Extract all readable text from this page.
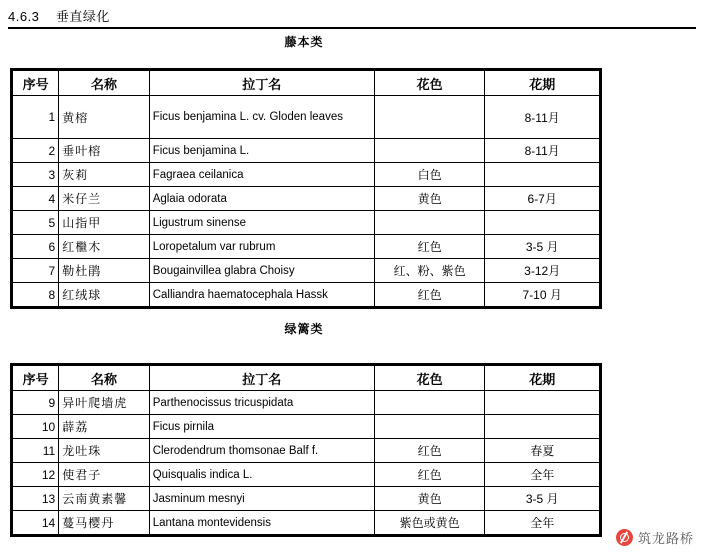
4.6.3 垂直绿化
藤本类
序号	名称	拉丁名	花色	花期
1	黄榕	Ficus benjamina L. cv. Gloden leaves		8-11月
2	垂叶榕	Ficus benjamina L.		8-11月
3	灰莉	Fagraea ceilanica	白色	
4	米仔兰	Aglaia odorata	黄色	6-7月
5	山指甲	Ligustrum sinense		
6	红檵木	Loropetalum var rubrum	红色	3-5 月
7	勒杜鹃	Bougainvillea glabra Choisy	红、粉、紫色	3-12月
8	红绒球	Calliandra haematocephala Hassk	红色	7-10 月
绿篱类
序号	名称	拉丁名	花色	花期
9	异叶爬墙虎	Parthenocissus tricuspidata		
10	薜荔	Ficus pirnila		
11	龙吐珠	Clerodendrum thomsonae Balf f.	红色	春夏
12	使君子	Quisqualis indica L.	红色	全年
13	云南黄素馨	Jasminum mesnyi	黄色	3-5 月
14	蔓马樱丹	Lantana montevidensis	紫色或黄色	全年
筑龙路桥
